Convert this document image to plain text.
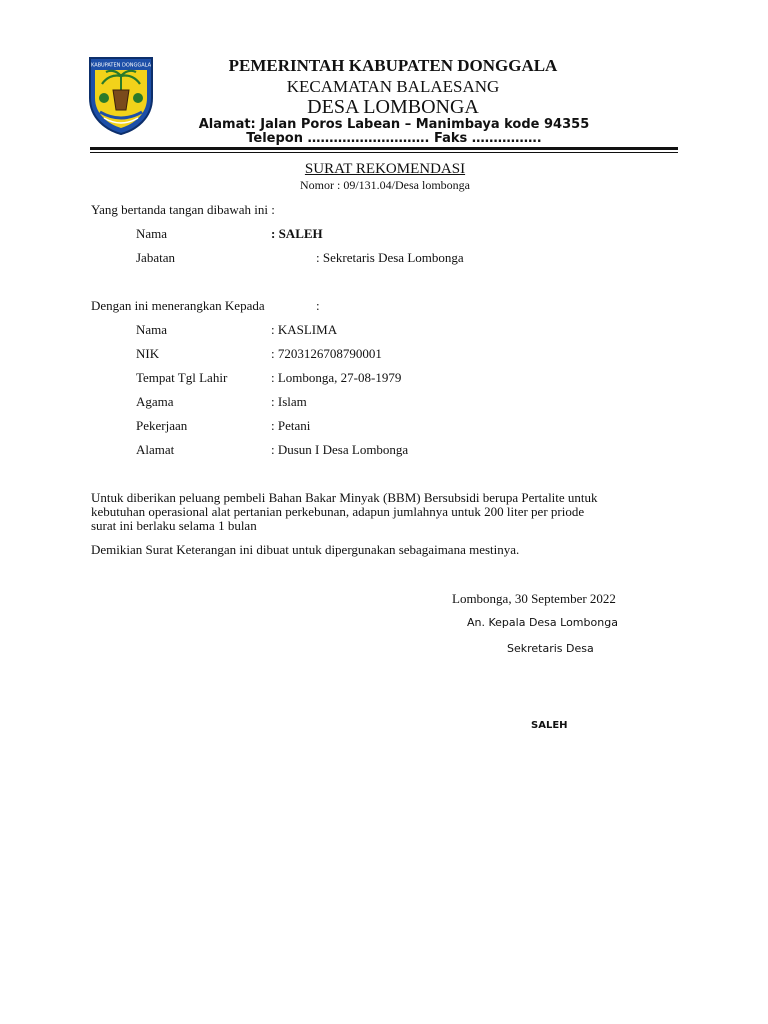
KABUPATEN DONGGALA	PEMERINTAH KABUPATEN DONGGALA
KECAMATAN BALAESANG
DESA LOMBONGA
Alamat: Jalan Poros Labean – Manimbaya kode 94355
Telepon ………………………. Faks …………….
SURAT REKOMENDASI
Nomor : 09/131.04/Desa lombonga
Yang bertanda tangan dibawah ini :
Nama	: SALEH
Jabatan	: Sekretaris Desa Lombonga
Dengan ini menerangkan Kepada	:
Nama	: KASLIMA
NIK	: 7203126708790001
Tempat Tgl Lahir	: Lombonga, 27-08-1979
Agama	: Islam
Pekerjaan	: Petani
Alamat	: Dusun I Desa Lombonga
Untuk diberikan peluang pembeli Bahan Bakar Minyak (BBM) Bersubsidi berupa Pertalite untuk
kebutuhan operasional alat pertanian perkebunan, adapun jumlahnya untuk 200 liter per priode
surat ini berlaku selama 1 bulan
Demikian Surat Keterangan ini dibuat untuk dipergunakan sebagaimana mestinya.
Lombonga, 30 September 2022
An. Kepala Desa Lombonga
Sekretaris Desa
SALEH
